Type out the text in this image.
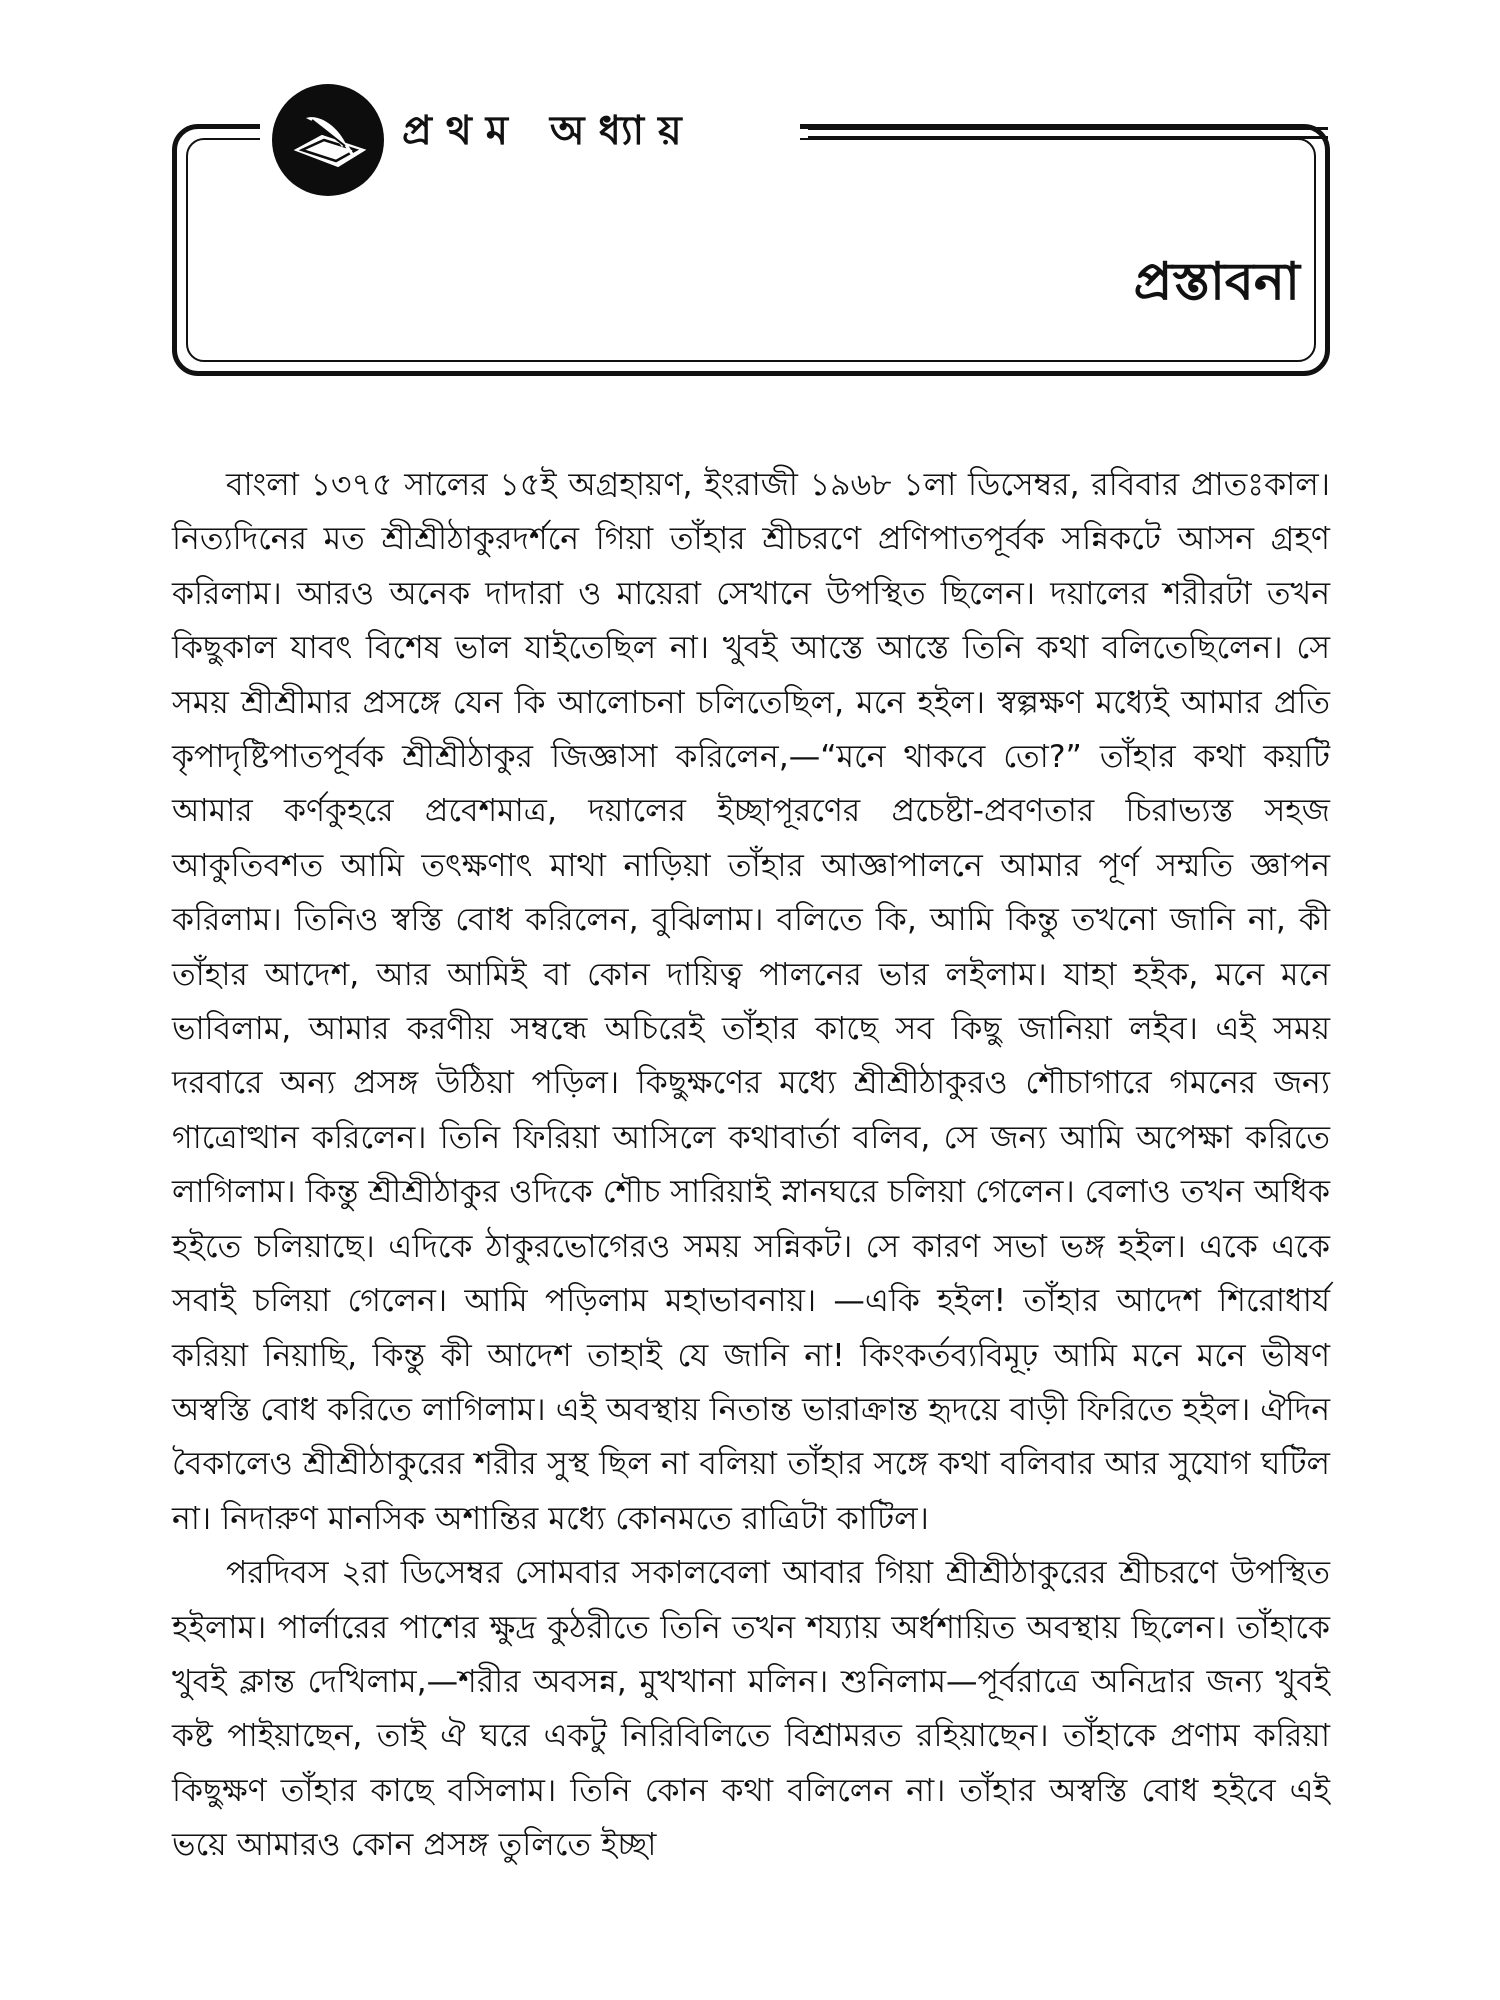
প্রথম অধ্যায়
প্রস্তাবনা

বাংলা ১৩৭৫ সালের ১৫ই অগ্রহায়ণ, ইংরাজী ১৯৬৮ ১লা ডিসেম্বর, রবিবার প্রাতঃকাল। নিত্যদিনের মত শ্রীশ্রীঠাকুরদর্শনে গিয়া তাঁহার শ্রীচরণে প্রণিপাতপূর্বক সন্নিকটে আসন গ্রহণ করিলাম। আরও অনেক দাদারা ও মায়েরা সেখানে উপস্থিত ছিলেন। দয়ালের শরীরটা তখন কিছুকাল যাবৎ বিশেষ ভাল যাইতেছিল না। খুবই আস্তে আস্তে তিনি কথা বলিতেছিলেন। সে সময় শ্রীশ্রীমার প্রসঙ্গে যেন কি আলোচনা চলিতেছিল, মনে হইল। স্বল্পক্ষণ মধ্যেই আমার প্রতি কৃপাদৃষ্টিপাতপূর্বক শ্রীশ্রীঠাকুর জিজ্ঞাসা করিলেন,—“মনে থাকবে তো?” তাঁহার কথা কয়টি আমার কর্ণকুহরে প্রবেশমাত্র, দয়ালের ইচ্ছাপূরণের প্রচেষ্টা-প্রবণতার চিরাভ্যস্ত সহজ আকুতিবশত আমি তৎক্ষণাৎ মাথা নাড়িয়া তাঁহার আজ্ঞাপালনে আমার পূর্ণ সম্মতি জ্ঞাপন করিলাম। তিনিও স্বস্তি বোধ করিলেন, বুঝিলাম। বলিতে কি, আমি কিন্তু তখনো জানি না, কী তাঁহার আদেশ, আর আমিই বা কোন দায়িত্ব পালনের ভার লইলাম। যাহা হইক, মনে মনে ভাবিলাম, আমার করণীয় সম্বন্ধে অচিরেই তাঁহার কাছে সব কিছু জানিয়া লইব। এই সময় দরবারে অন্য প্রসঙ্গ উঠিয়া পড়িল। কিছুক্ষণের মধ্যে শ্রীশ্রীঠাকুরও শৌচাগারে গমনের জন্য গাত্রোত্থান করিলেন। তিনি ফিরিয়া আসিলে কথাবার্তা বলিব, সে জন্য আমি অপেক্ষা করিতে লাগিলাম। কিন্তু শ্রীশ্রীঠাকুর ওদিকে শৌচ সারিয়াই স্নানঘরে চলিয়া গেলেন। বেলাও তখন অধিক হইতে চলিয়াছে। এদিকে ঠাকুরভোগেরও সময় সন্নিকট। সে কারণ সভা ভঙ্গ হইল। একে একে সবাই চলিয়া গেলেন। আমি পড়িলাম মহাভাবনায়। —একি হইল! তাঁহার আদেশ শিরোধার্য করিয়া নিয়াছি, কিন্তু কী আদেশ তাহাই যে জানি না! কিংকর্তব্যবিমূঢ় আমি মনে মনে ভীষণ অস্বস্তি বোধ করিতে লাগিলাম। এই অবস্থায় নিতান্ত ভারাক্রান্ত হৃদয়ে বাড়ী ফিরিতে হইল। ঐদিন বৈকালেও শ্রীশ্রীঠাকুরের শরীর সুস্থ ছিল না বলিয়া তাঁহার সঙ্গে কথা বলিবার আর সুযোগ ঘটিল না। নিদারুণ মানসিক অশান্তির মধ্যে কোনমতে রাত্রিটা কাটিল।

পরদিবস ২রা ডিসেম্বর সোমবার সকালবেলা আবার গিয়া শ্রীশ্রীঠাকুরের শ্রীচরণে উপস্থিত হইলাম। পার্লারের পাশের ক্ষুদ্র কুঠরীতে তিনি তখন শয্যায় অর্ধশায়িত অবস্থায় ছিলেন। তাঁহাকে খুবই ক্লান্ত দেখিলাম,—শরীর অবসন্ন, মুখখানা মলিন। শুনিলাম—পূর্বরাত্রে অনিদ্রার জন্য খুবই কষ্ট পাইয়াছেন, তাই ঐ ঘরে একটু নিরিবিলিতে বিশ্রামরত রহিয়াছেন। তাঁহাকে প্রণাম করিয়া কিছুক্ষণ তাঁহার কাছে বসিলাম। তিনি কোন কথা বলিলেন না। তাঁহার অস্বস্তি বোধ হইবে এই ভয়ে আমারও কোন প্রসঙ্গ তুলিতে ইচ্ছা
